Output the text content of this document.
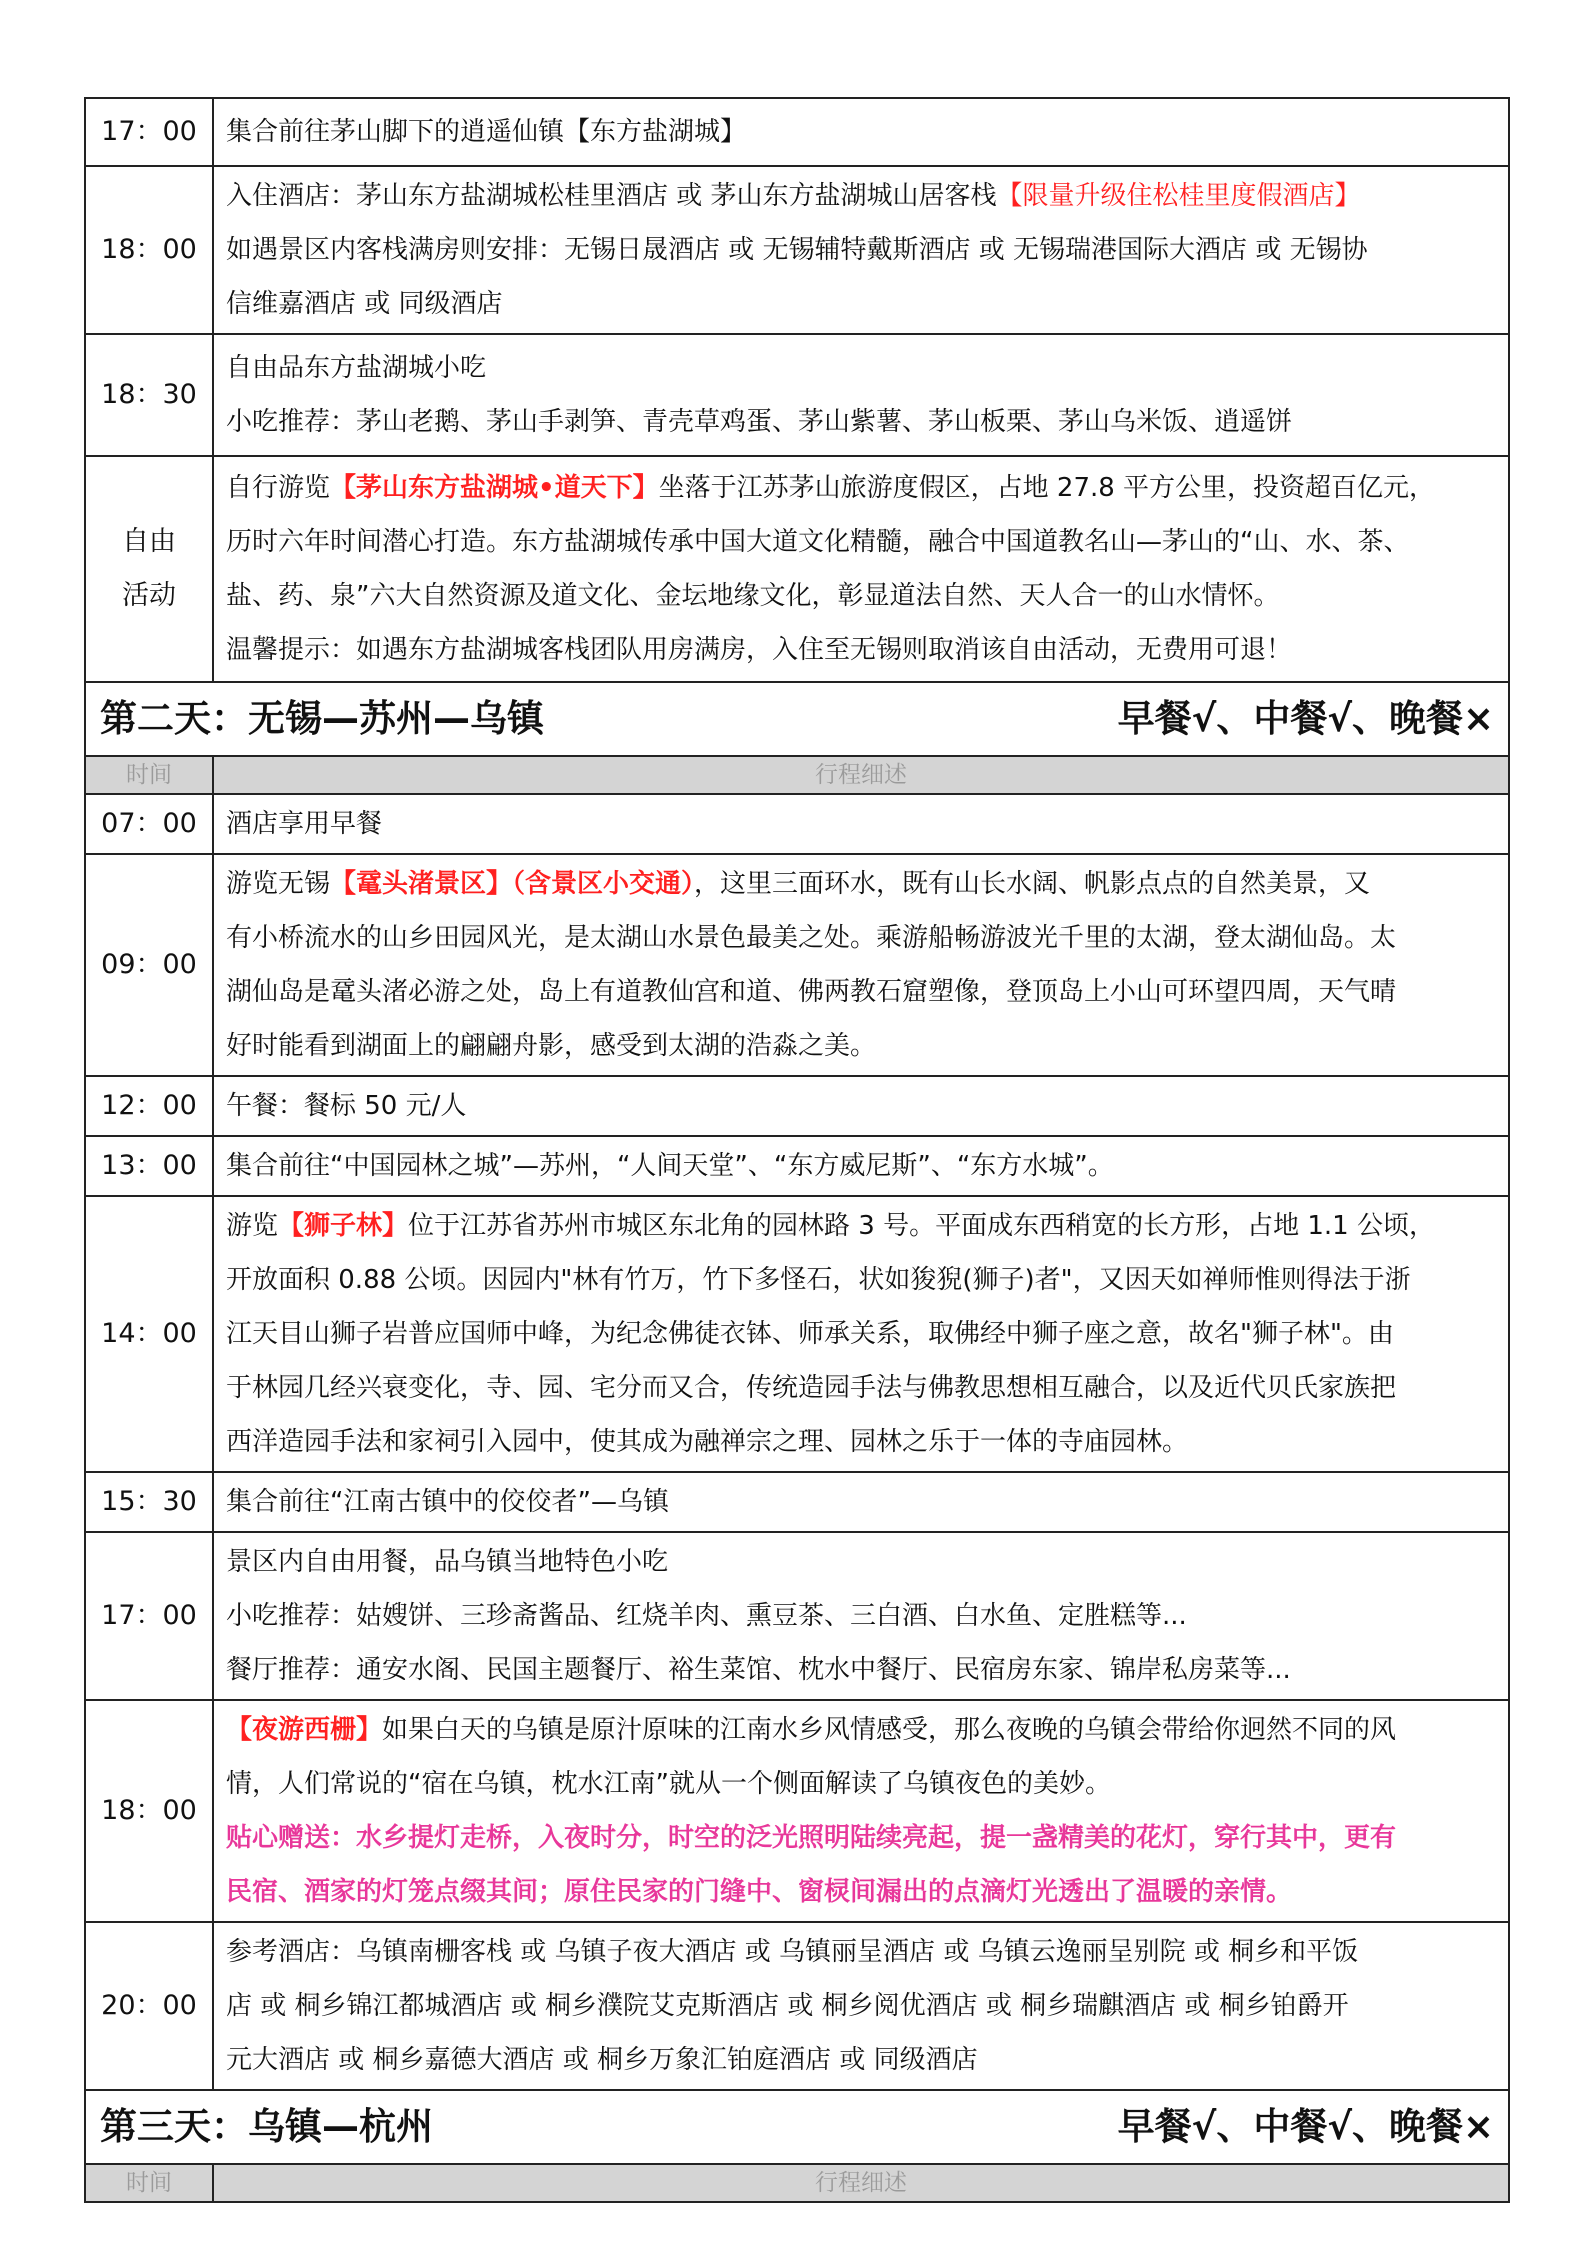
17：00	集合前往茅山脚下的逍遥仙镇【东方盐湖城】

18：00	入住酒店：茅山东方盐湖城松桂里酒店 或 茅山东方盐湖城山居客栈【限量升级住松桂里度假酒店】
如遇景区内客栈满房则安排：无锡日晟酒店 或 无锡辅特戴斯酒店 或 无锡瑞港国际大酒店 或 无锡协
信维嘉酒店 或 同级酒店

18：30	自由品东方盐湖城小吃
小吃推荐：茅山老鹅、茅山手剥笋、青壳草鸡蛋、茅山紫薯、茅山板栗、茅山乌米饭、逍遥饼

自由
活动	自行游览【茅山东方盐湖城•道天下】坐落于江苏茅山旅游度假区，占地 27.8 平方公里，投资超百亿元，
历时六年时间潜心打造。东方盐湖城传承中国大道文化精髓，融合中国道教名山—茅山的“山、水、茶、
盐、药、泉”六大自然资源及道文化、金坛地缘文化，彰显道法自然、天人合一的山水情怀。
温馨提示：如遇东方盐湖城客栈团队用房满房，入住至无锡则取消该自由活动，无费用可退！

第二天：无锡—苏州—乌镇 早餐√、中餐√、晚餐×	

时间	行程细述
07：00	酒店享用早餐

09：00	游览无锡【鼋头渚景区】（含景区小交通），这里三面环水，既有山长水阔、帆影点点的自然美景，又
有小桥流水的山乡田园风光，是太湖山水景色最美之处。乘游船畅游波光千里的太湖，登太湖仙岛。太
湖仙岛是鼋头渚必游之处，岛上有道教仙宫和道、佛两教石窟塑像，登顶岛上小山可环望四周，天气晴
好时能看到湖面上的翩翩舟影，感受到太湖的浩淼之美。

12：00	午餐：餐标 50 元/人

13：00	集合前往“中国园林之城”—苏州，“人间天堂”、“东方威尼斯”、“东方水城”。

14：00	游览【狮子林】位于江苏省苏州市城区东北角的园林路 3 号。平面成东西稍宽的长方形，占地 1.1 公顷，
开放面积 0.88 公顷。因园内"林有竹万，竹下多怪石，状如狻猊(狮子)者"，又因天如禅师惟则得法于浙
江天目山狮子岩普应国师中峰，为纪念佛徒衣钵、师承关系，取佛经中狮子座之意，故名"狮子林"。由
于林园几经兴衰变化，寺、园、宅分而又合，传统造园手法与佛教思想相互融合，以及近代贝氏家族把
西洋造园手法和家祠引入园中，使其成为融禅宗之理、园林之乐于一体的寺庙园林。

15：30	集合前往“江南古镇中的佼佼者”—乌镇

17：00	景区内自由用餐，品乌镇当地特色小吃
小吃推荐：姑嫂饼、三珍斋酱品、红烧羊肉、熏豆茶、三白酒、白水鱼、定胜糕等...
餐厅推荐：通安水阁、民国主题餐厅、裕生菜馆、枕水中餐厅、民宿房东家、锦岸私房菜等...

18：00	【夜游西栅】如果白天的乌镇是原汁原味的江南水乡风情感受，那么夜晚的乌镇会带给你迥然不同的风
情，人们常说的“宿在乌镇，枕水江南”就从一个侧面解读了乌镇夜色的美妙。
贴心赠送：水乡提灯走桥，入夜时分，时空的泛光照明陆续亮起，提一盏精美的花灯，穿行其中，更有
民宿、酒家的灯笼点缀其间；原住民家的门缝中、窗棂间漏出的点滴灯光透出了温暖的亲情。

20：00	参考酒店：乌镇南栅客栈 或 乌镇子夜大酒店 或 乌镇丽呈酒店 或 乌镇云逸丽呈别院 或 桐乡和平饭
店 或 桐乡锦江都城酒店 或 桐乡濮院艾克斯酒店 或 桐乡阅优酒店 或 桐乡瑞麒酒店 或 桐乡铂爵开
元大酒店 或 桐乡嘉德大酒店 或 桐乡万象汇铂庭酒店 或 同级酒店

第三天：乌镇—杭州 早餐√、中餐√、晚餐×	

时间	行程细述
